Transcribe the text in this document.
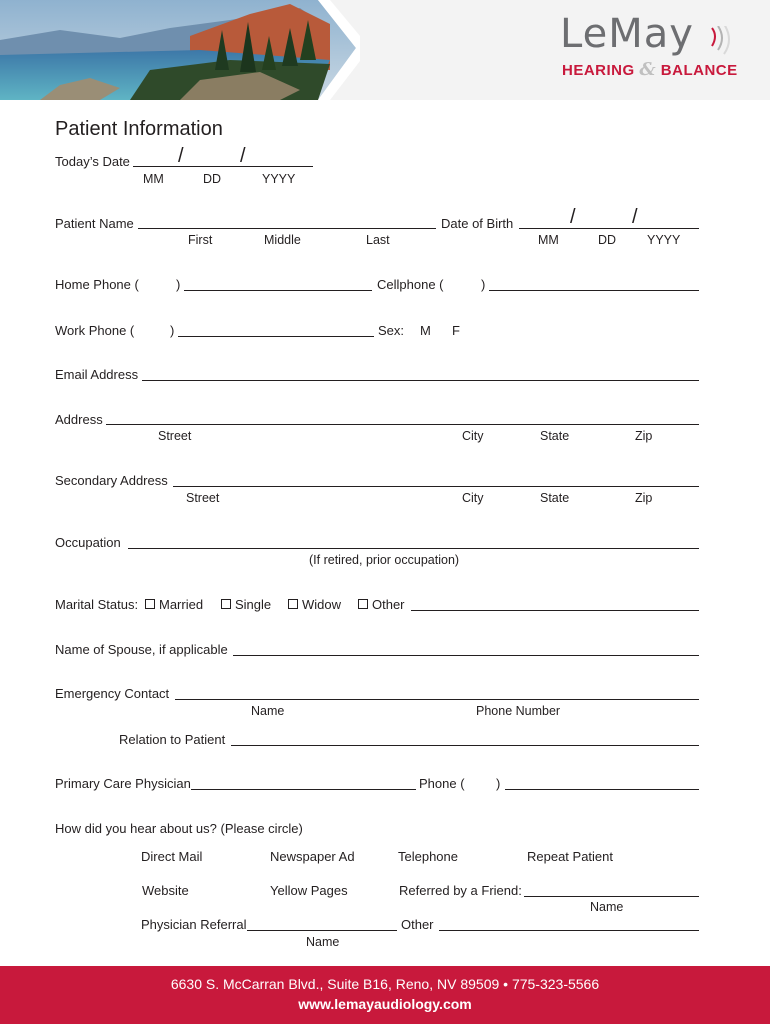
LeMay
HEARING & BALANCE
Patient Information
Today’s Date /	/
MM	DD	YYYY
Patient Name
First	Middle	Last
Date of Birth	/	/
MM	DD YYYY
Home Phone (	)	Cellphone (	)
Work Phone (	)	Sex: M F
Email Address
Address
Street	City	State	Zip
Secondary Address
Street	City	State	Zip
Occupation
(If retired, prior occupation)
Marital Status:	Married	Single	Widow	Other
Name of Spouse, if applicable
Emergency Contact
Name	Phone Number
Relation to Patient
Primary Care Physician	Phone ( )
How did you hear about us? (Please circle)
Direct Mail	Newspaper Ad	Telephone	Repeat Patient
Website	Yellow Pages	Referred by a Friend:
Name
Physician Referral
Name
Other
6630 S. McCarran Blvd., Suite B16, Reno, NV 89509 • 775-323-5566
www.lemayaudiology.com
